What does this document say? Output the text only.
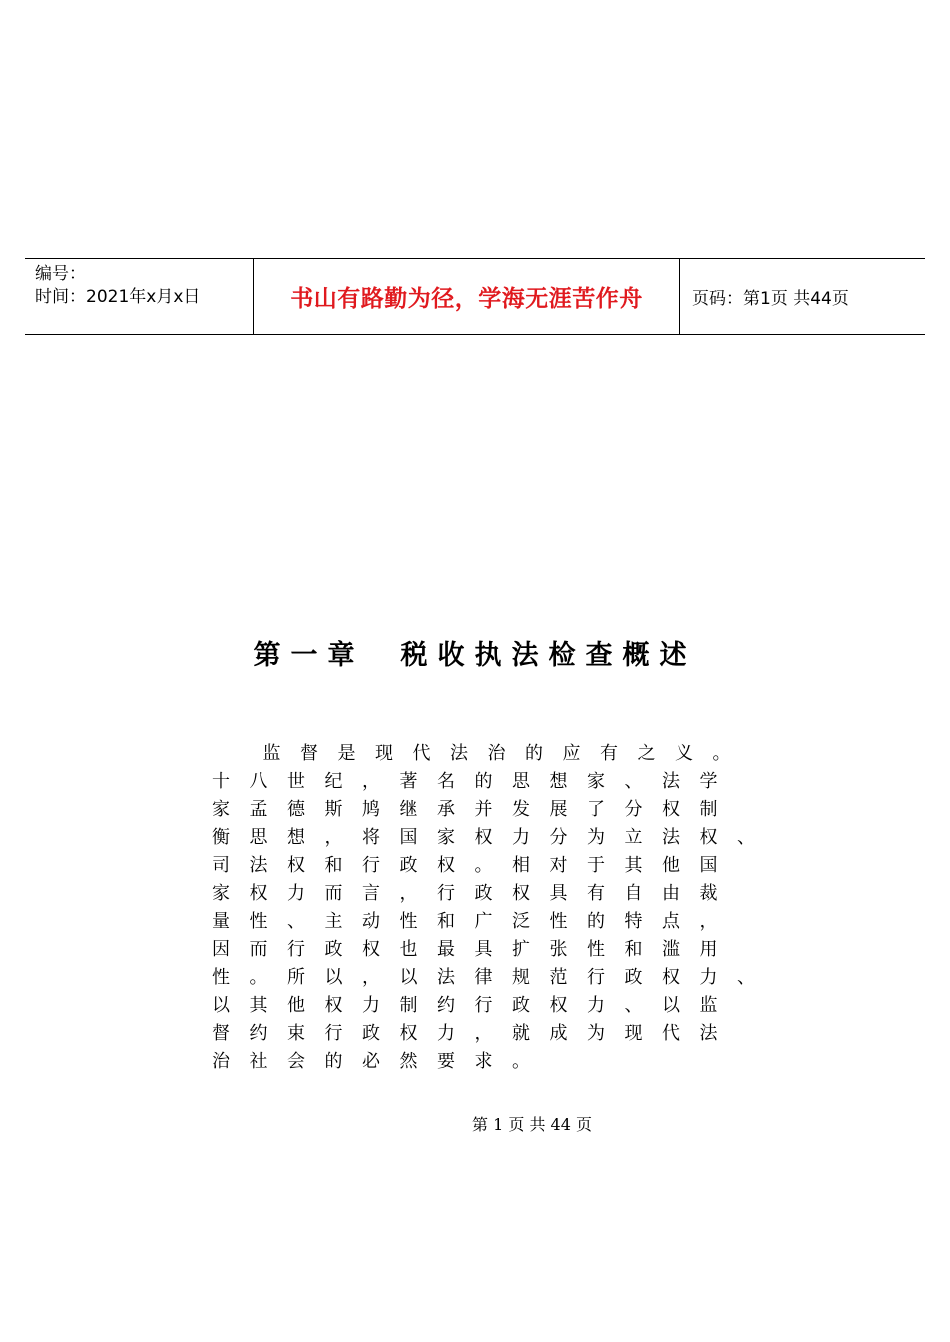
编号：
时间：2021年x月x日	书山有路勤为径，学海无涯苦作舟	页码：第1页 共44页
第一章 税收执法检查概述
监督是现代法治的应有之义。
十八世纪，著名的思想家、法学
家孟德斯鸠继承并发展了分权制
衡思想，将国家权力分为立法权、
司法权和行政权。相对于其他国
家权力而言，行政权具有自由裁
量性、主动性和广泛性的特点，
因而行政权也最具扩张性和滥用
性。所以，以法律规范行政权力、
以其他权力制约行政权力、以监
督约束行政权力，就成为现代法
治社会的必然要求。
第 1 页 共 44 页
